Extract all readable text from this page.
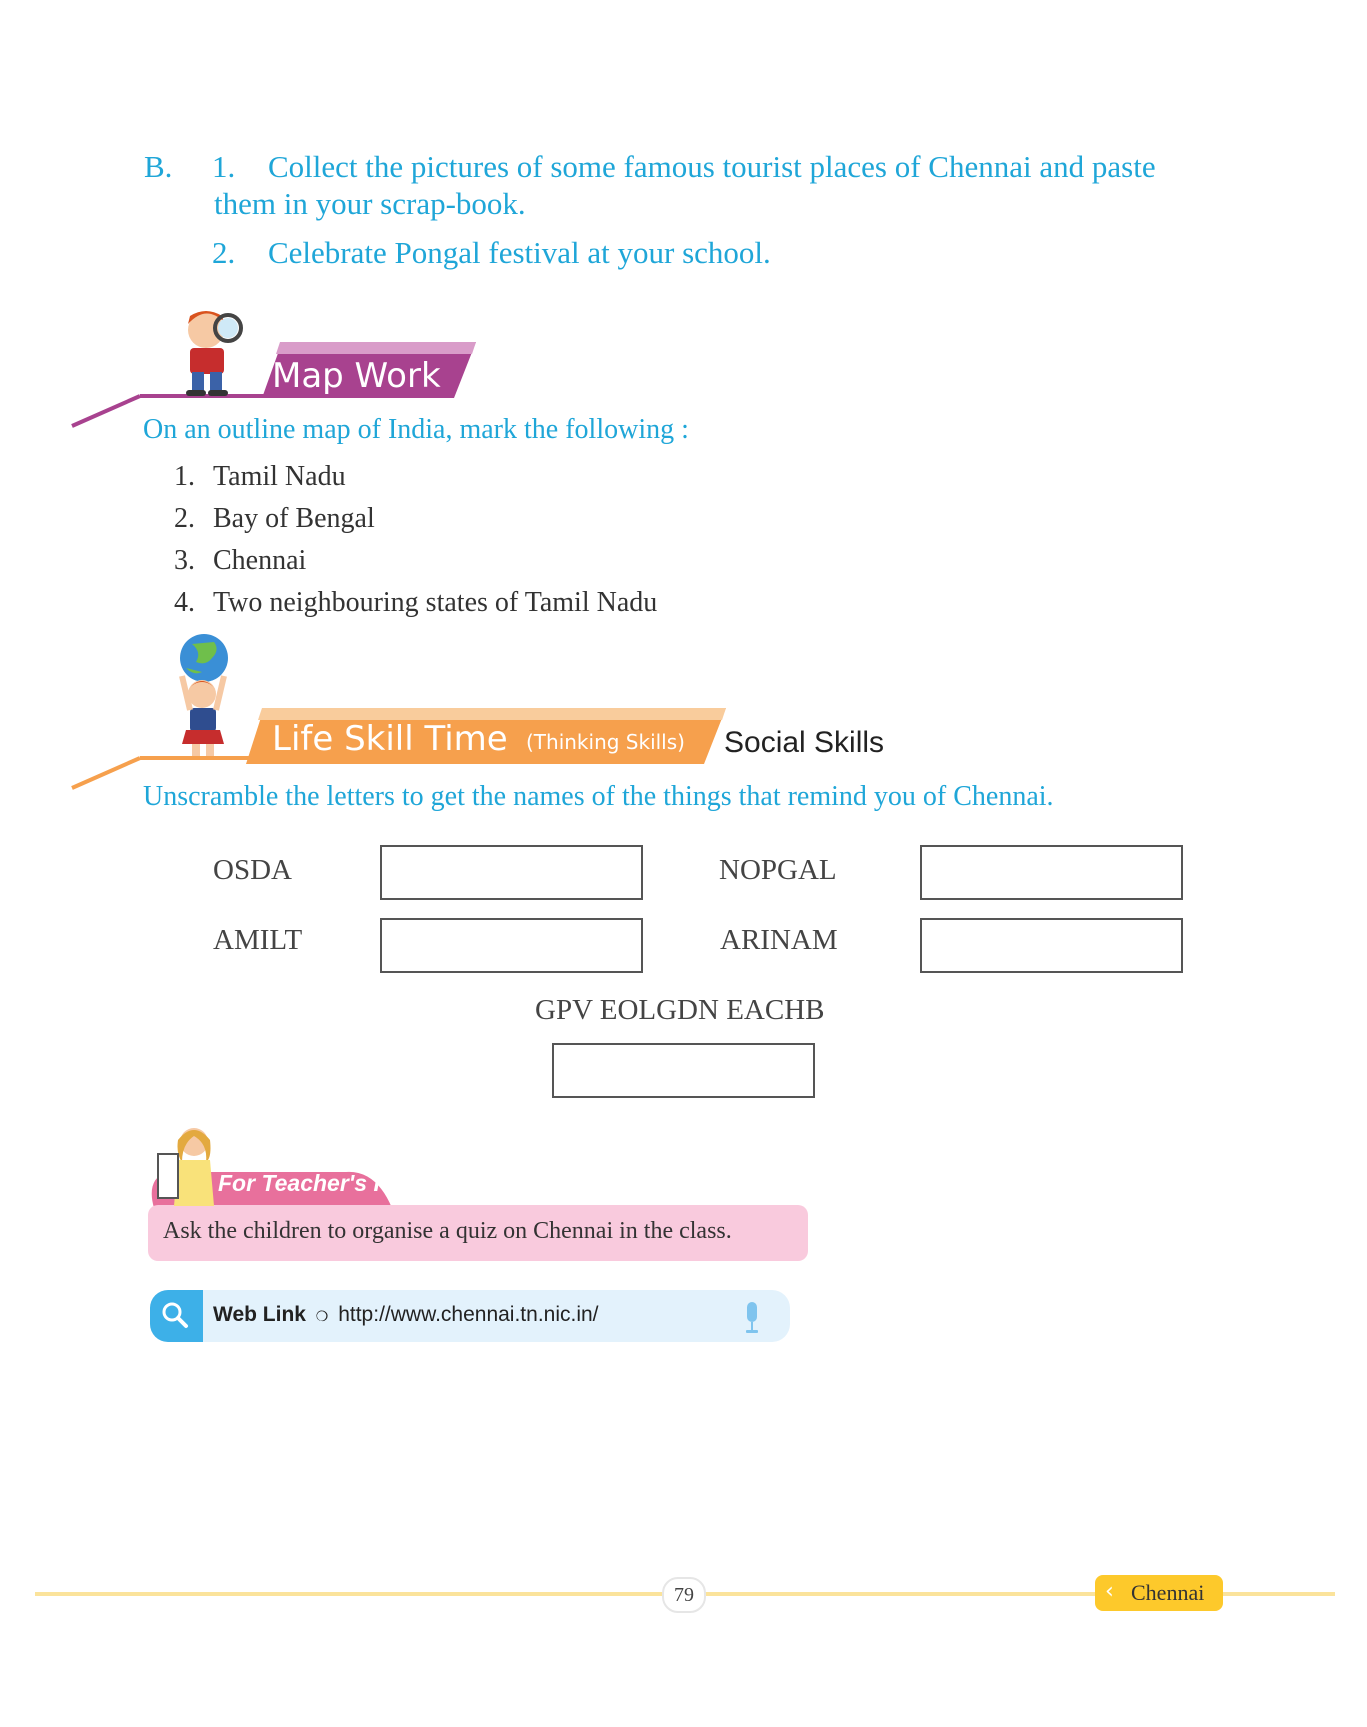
B. 1. Collect the pictures of some famous tourist places of Chennai and paste
them in your scrap-book.
2. Celebrate Pongal festival at your school.
Map Work
On an outline map of India, mark the following :
1. Tamil Nadu
2. Bay of Bengal
3. Chennai
4. Two neighbouring states of Tamil Nadu
Life Skill Time (Thinking Skills) Social Skills
Unscramble the letters to get the names of the things that remind you of Chennai.
OSDA	NOPGAL
AMILT	ARINAM
GPV EOLGDN EACHB
For Teacher's Help
Ask the children to organise a quiz on Chennai in the class.
Web Link ❍ http://www.chennai.tn.nic.in/
79	‹ Chennai
